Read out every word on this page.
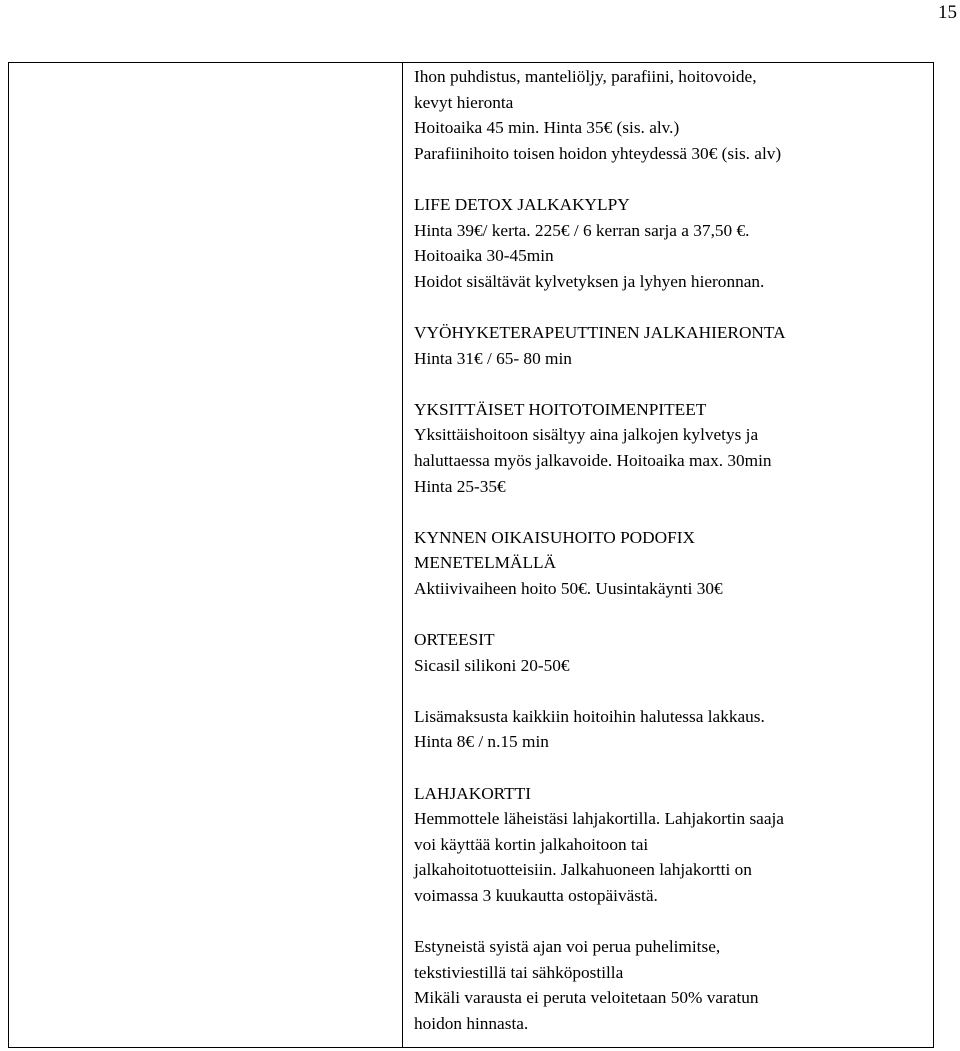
15
Ihon puhdistus, manteliöljy, parafiini, hoitovoide,
kevyt hieronta
Hoitoaika 45 min. Hinta 35€ (sis. alv.)
Parafiinihoito toisen hoidon yhteydessä 30€ (sis. alv)
LIFE DETOX JALKAKYLPY
Hinta 39€/ kerta. 225€ / 6 kerran sarja a 37,50 €.
Hoitoaika 30-45min
Hoidot sisältävät kylvetyksen ja lyhyen hieronnan.
VYÖHYKETERAPEUTTINEN JALKAHIERONTA
Hinta 31€ / 65- 80 min
YKSITTÄISET HOITOTOIMENPITEET
Yksittäishoitoon sisältyy aina jalkojen kylvetys ja
haluttaessa myös jalkavoide. Hoitoaika max. 30min
Hinta 25-35€
KYNNEN OIKAISUHOITO PODOFIX
MENETELMÄLLÄ
Aktiivivaiheen hoito 50€. Uusintakäynti 30€
ORTEESIT
Sicasil silikoni 20-50€
Lisämaksusta kaikkiin hoitoihin halutessa lakkaus.
Hinta 8€ / n.15 min
LAHJAKORTTI
Hemmottele läheistäsi lahjakortilla. Lahjakortin saaja
voi käyttää kortin jalkahoitoon tai
jalkahoitotuotteisiin. Jalkahuoneen lahjakortti on
voimassa 3 kuukautta ostopäivästä.
Estyneistä syistä ajan voi perua puhelimitse,
tekstiviestillä tai sähköpostilla
Mikäli varausta ei peruta veloitetaan 50% varatun
hoidon hinnasta.
